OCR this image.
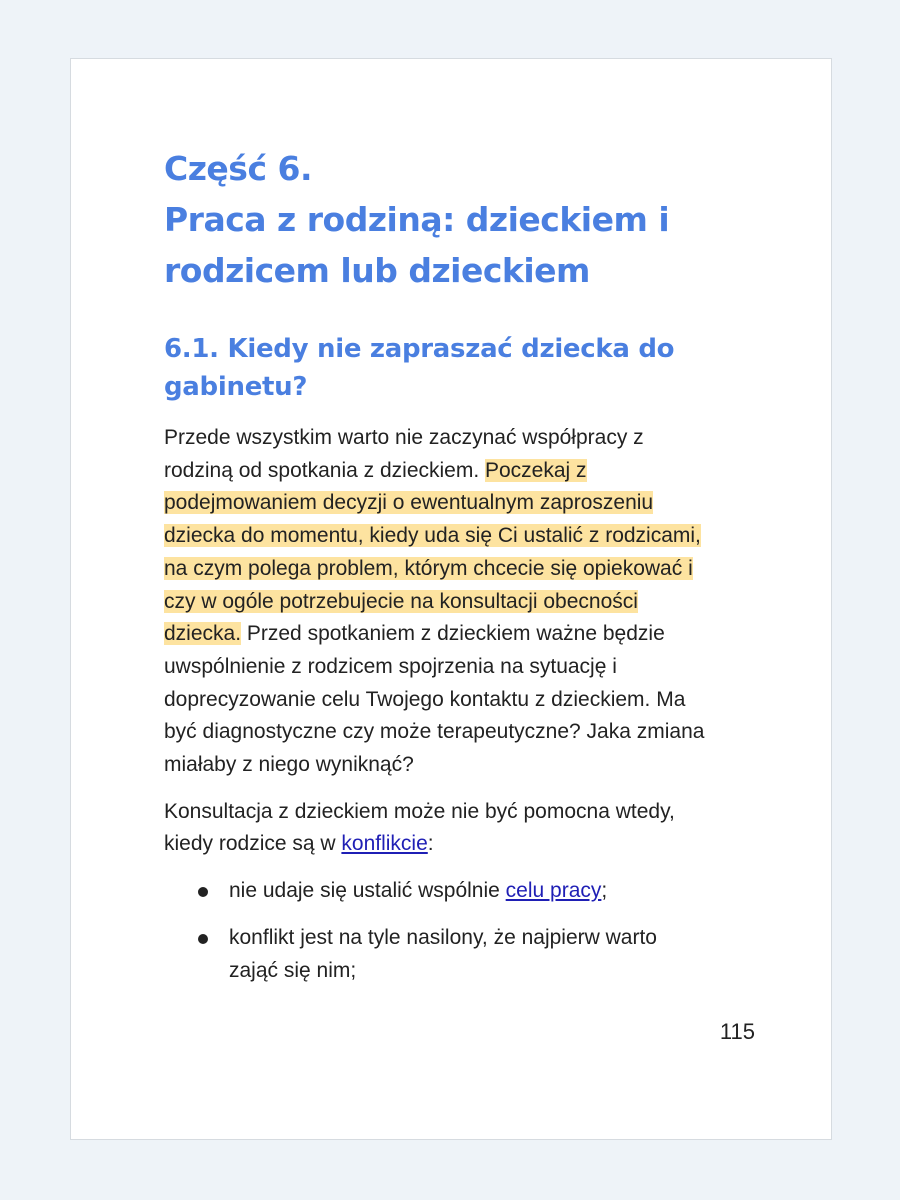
Część 6.
Praca z rodziną: dzieckiem i
rodzicem lub dzieckiem
6.1. Kiedy nie zapraszać dziecka do
gabinetu?

Przede wszystkim warto nie zaczynać współpracy z
rodziną od spotkania z dzieckiem. Poczekaj z
podejmowaniem decyzji o ewentualnym zaproszeniu
dziecka do momentu, kiedy uda się Ci ustalić z rodzicami,
na czym polega problem, którym chcecie się opiekować i
czy w ogóle potrzebujecie na konsultacji obecności
dziecka. Przed spotkaniem z dzieckiem ważne będzie
uwspólnienie z rodzicem spojrzenia na sytuację i
doprecyzowanie celu Twojego kontaktu z dzieckiem. Ma
być diagnostyczne czy może terapeutyczne? Jaka zmiana
miałaby z niego wyniknąć?

Konsultacja z dzieckiem może nie być pomocna wtedy,
kiedy rodzice są w konflikcie:

nie udaje się ustalić wspólnie celu pracy;
konflikt jest na tyle nasilony, że najpierw warto
zająć się nim;
115
